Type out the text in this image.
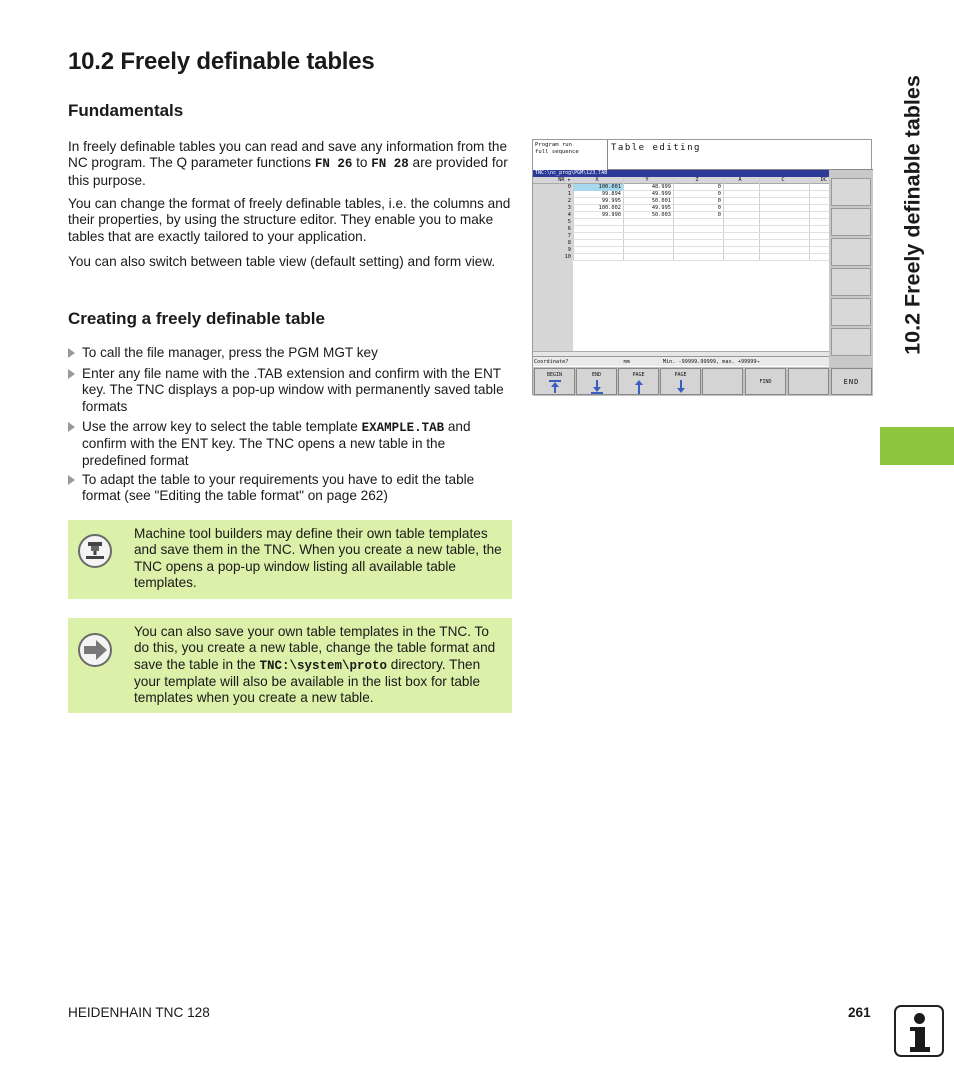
10.2 Freely definable tables
Fundamentals
In freely definable tables you can read and save any information from the NC program. The Q parameter functions FN 26 to FN 28 are provided for this purpose.
You can change the format of freely definable tables, i.e. the columns and their properties, by using the structure editor. They enable you to make tables that are exactly tailored to your application.
You can also switch between table view (default setting) and form view.
Creating a freely definable table
To call the file manager, press the PGM MGT key
Enter any file name with the .TAB extension and confirm with the ENT key. The TNC displays a pop-up window with permanently saved table formats
Use the arrow key to select the table template EXAMPLE.TAB and confirm with the ENT key. The TNC opens a new table in the predefined format
To adapt the table to your requirements you have to edit the table format (see "Editing the table format" on page 262)
Machine tool builders may define their own table templates and save them in the TNC. When you create a new table, the TNC opens a pop-up window listing all available table templates.
You can also save your own table templates in the TNC. To do this, you create a new table, change the table format and save the table in the TNC:\system\proto directory. Then your template will also be available in the list box for table templates when you create a new table.
10.2 Freely definable tables
Program run
full sequence	Table editing
TNC:\nc_prog\PGM\123.TAB
NR ▸	X	Y	Z	A	C	DC
0	100.001	48.999	0
1	99.894	49.999	0
2	99.995	50.001	0
3	100.002	49.995	0
4	99.990	50.003	0
5
6
7
8
9
10
Coordinate?	mm	Min. -99999.99999, max. +99999→
BEGIN	END	PAGE	PAGE
FIND	END
HEIDENHAIN TNC 128	261
